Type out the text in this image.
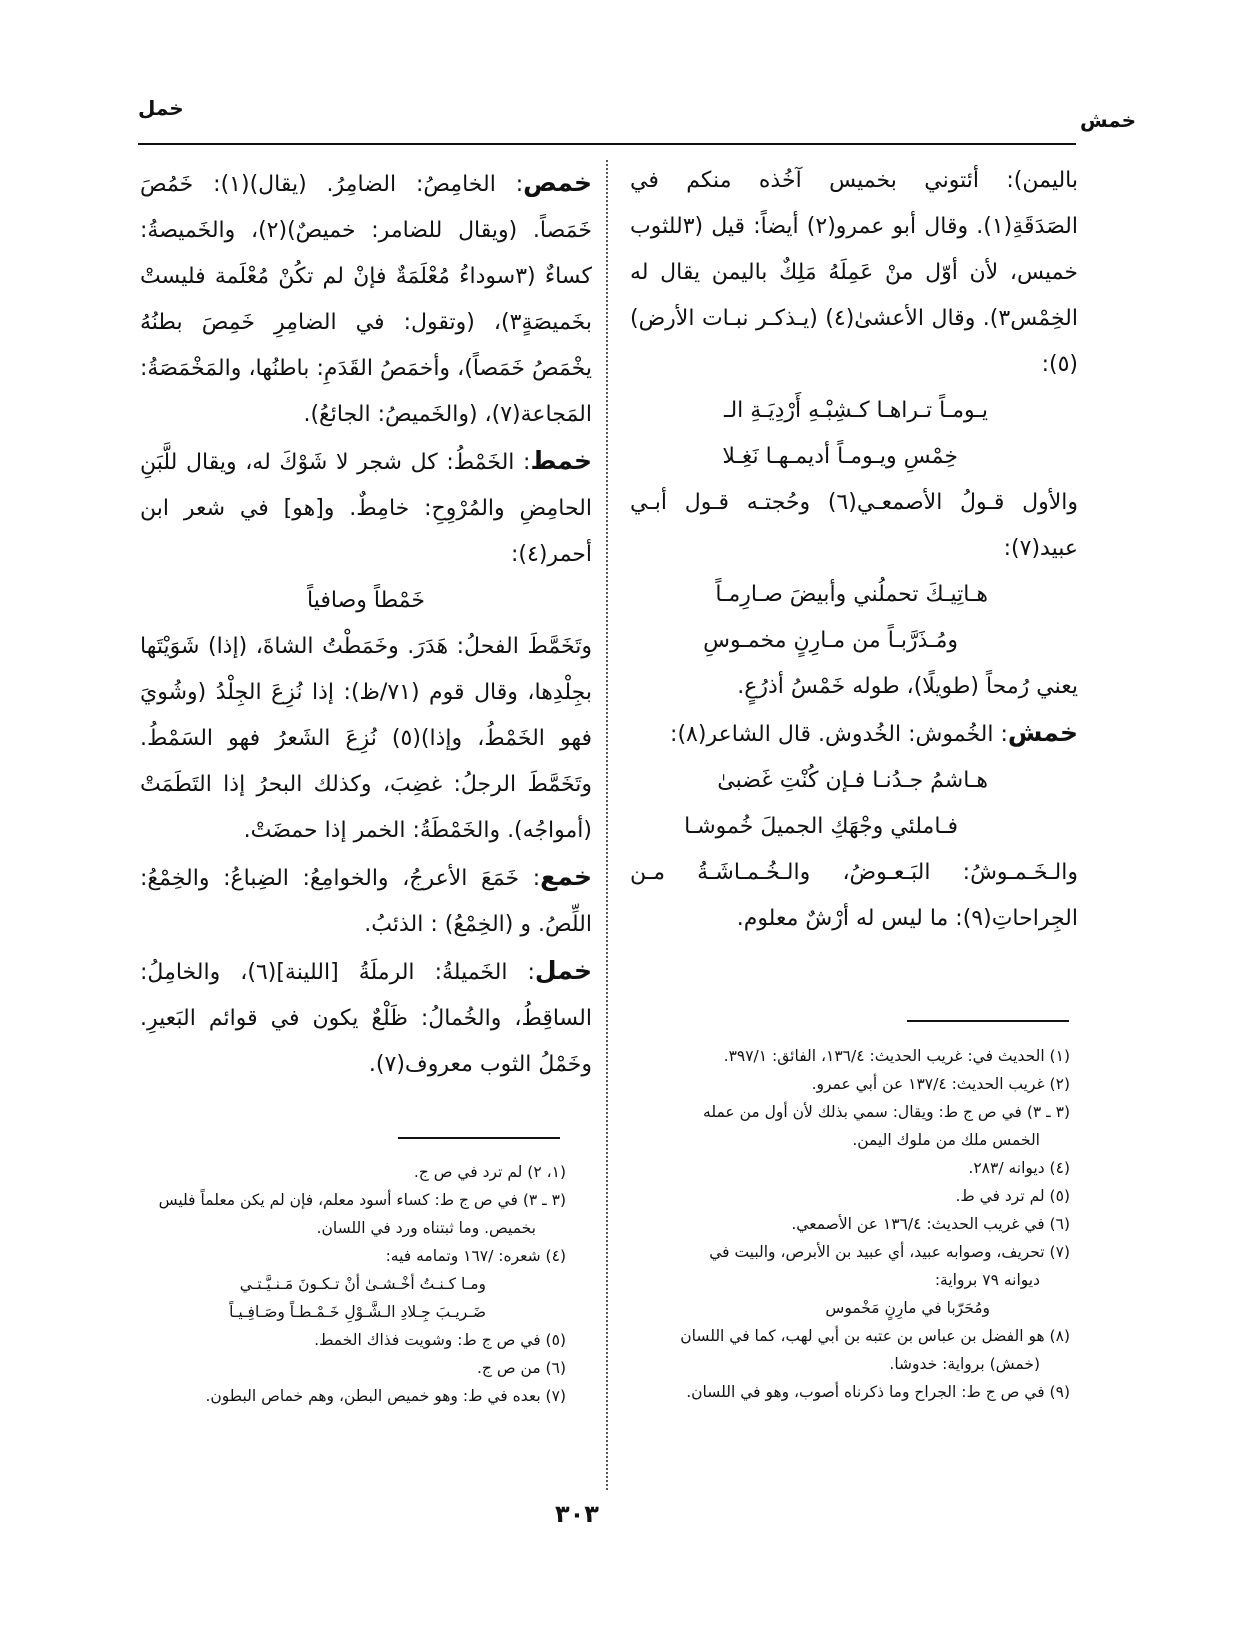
خمل	خمش

باليمن): أئتوني بخميس آخُذه منكم في الصَدَقَةِ(١). وقال أبو عمرو(٢) أيضاً: قيل (٣للثوب خميس، لأن أوّل منْ عَمِلَهُ مَلِكٌ باليمن يقال له الخِمْس٣). وقال الأعشىٰ(٤) (يـذكـر نبـات الأرض)(٥):

يـومـاً تـراهـا كـشِبْـهِ أَرْدِيَـةِ الـ

خِمْسِ ويـومـاً أديمـهـا نَغِـلا

والأول قـولُ الأصمعـي(٦) وحُجتـه قـول أبـي عبيد(٧):

هـاتِيـكَ تحملُني وأبيضَ صـارِمـاً

ومُـذَرَّبـاً من مـارِنٍ مخمـوسِ

يعني رُمحاً (طويلًا)، طوله خَمْسُ أذرُعٍ.

خمش: الخُموش: الخُدوش. قال الشاعر(٨):

هـاشمُ جـدُنـا فـإن كُنْتِ غَضبىٰ

فـاملئي وجْهَكِ الجميلَ خُموشـا

والـخَـمـوشُ: البَـعـوضُ، والـخُـمـاشَـةُ مـن الجِراحاتِ(٩): ما ليس له أرْشٌ معلوم.

خمص: الخامِصُ: الضامِرُ. (يقال)(١): خَمُصَ خَمَصاً. (ويقال للضامر: خميصٌ)(٢)، والخَميصةُ: كساءٌ (٣سوداءُ مُعْلَمَةٌ فإنْ لم تكُنْ مُعْلَمة فليستْ بخَميصَةٍ٣)، (وتقول: في الضامِرِ خَمِصَ بطنُهُ يخْمَصُ خَمَصاً)، وأخمَصُ القَدَمِ: باطنُها، والمَخْمَصَةُ: المَجاعة(٧)، (والخَميصُ: الجائعُ).

خمط: الخَمْطُ: كل شجر لا شَوْكَ له، ويقال للَّبَنِ الحامِضِ والمُرْوِحِ: خامِطٌ. و[هو] في شعر ابن أحمر(٤):

خَمْطاً وصافياً

وتَخَمَّطَ الفحلُ: هَدَرَ. وخَمَطْتُ الشاةَ، (إذا) شَوَيْتَها بجِلْدِها، وقال قوم (٧١/ظ): إذا نُزِعَ الجِلْدُ (وشُويَ فهو الخَمْطُ، وإذا)(٥) نُزِعَ الشَعرُ فهو السَمْطُ. وتَخَمَّطَ الرجلُ: غضِبَ، وكذلك البحرُ إذا التَطَمَتْ (أمواجُه). والخَمْطَةُ: الخمر إذا حمضَتْ.

خمع: خَمَعَ الأعرجُ، والخوامِعُ: الضِباعُ: والخِمْعُ: اللِّصُ. و (الخِمْعُ) : الذئبُ.

خمل: الخَميلةُ: الرملَةُ [اللينة](٦)، والخامِلُ: الساقِطُ، والخُمالُ: ظَلْعٌ يكون في قوائم البَعيرِ. وخَمْلُ الثوب معروف(٧).

(١، ٢) لم ترد في ص ج.
(٣ ـ ٣) في ص ج ط: كساء أسود معلم، فإن لم يكن معلماً فليس
بخميص. وما ثبتناه ورد في اللسان.
(٤) شعره: /١٦٧ وتمامه فيه:
ومـا كـنـتُ أخْـشـىٰ أنْ تـكـونَ مَـنـيَّـتـي
ضَـريـبَ جِـلادِ الـشَّـوْلِ خَـمْـطـاً وصَـافِـيـاً
(٥) في ص ج ط: وشويت فذاك الخمط.
(٦) من ص ج.
(٧) بعده في ط: وهو خميص البطن، وهم خماص البطون.
(١) الحديث في: غريب الحديث: ١٣٦/٤، الفائق: ٣٩٧/١.
(٢) غريب الحديث: ١٣٧/٤ عن أبي عمرو.
(٣ ـ ٣) في ص ج ط: ويقال: سمي بذلك لأن أول من عمله
الخمس ملك من ملوك اليمن.
(٤) ديوانه /٢٨٣.
(٥) لم ترد في ط.
(٦) في غريب الحديث: ١٣٦/٤ عن الأصمعي.
(٧) تحريف، وصوابه عبيد، أي عبيد بن الأبرص، والبيت في
ديوانه ٧٩ برواية:
ومُحَرّبا في مارِنٍ مَخْموس
(٨) هو الفضل بن عباس بن عتبه بن أبي لهب، كما في اللسان
(خمش) برواية: خدوشا.
(٩) في ص ج ط: الجراح وما ذكرناه أصوب، وهو في اللسان.
٣٠٣
